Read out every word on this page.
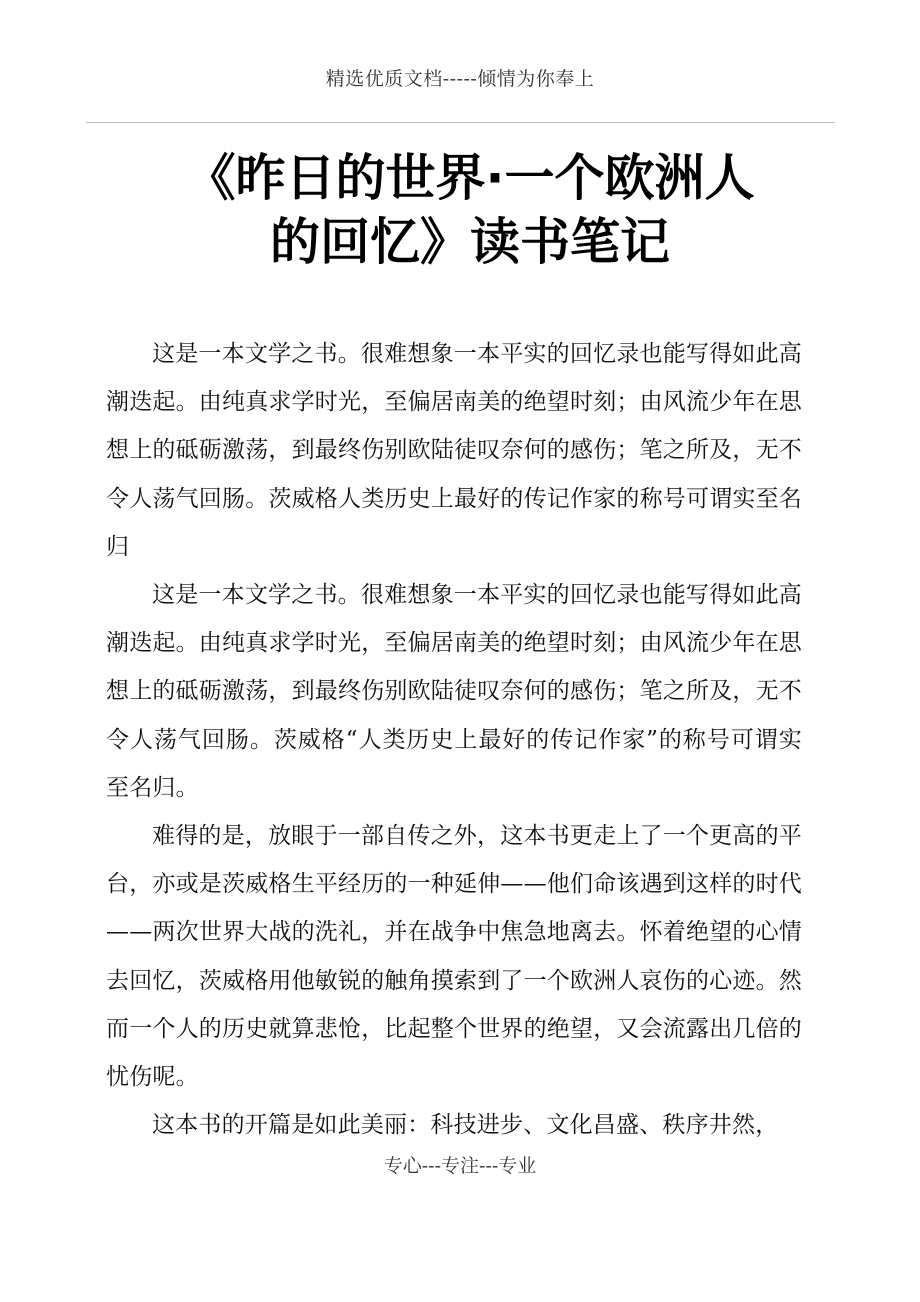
精选优质文档-----倾情为你奉上
《昨日的世界·一个欧洲人
的回忆》读书笔记

这是一本文学之书。很难想象一本平实的回忆录也能写得如此高潮迭起。由纯真求学时光，至偏居南美的绝望时刻；由风流少年在思想上的砥砺激荡，到最终伤别欧陆徒叹奈何的感伤；笔之所及，无不令人荡气回肠。茨威格人类历史上最好的传记作家的称号可谓实至名归

这是一本文学之书。很难想象一本平实的回忆录也能写得如此高潮迭起。由纯真求学时光，至偏居南美的绝望时刻；由风流少年在思想上的砥砺激荡，到最终伤别欧陆徒叹奈何的感伤；笔之所及，无不令人荡气回肠。茨威格“人类历史上最好的传记作家”的称号可谓实至名归。

难得的是，放眼于一部自传之外，这本书更走上了一个更高的平台，亦或是茨威格生平经历的一种延伸——他们命该遇到这样的时代——两次世界大战的洗礼，并在战争中焦急地离去。怀着绝望的心情去回忆，茨威格用他敏锐的触角摸索到了一个欧洲人哀伤的心迹。然而一个人的历史就算悲怆，比起整个世界的绝望，又会流露出几倍的忧伤呢。

这本书的开篇是如此美丽：科技进步、文化昌盛、秩序井然，

专心---专注---专业
